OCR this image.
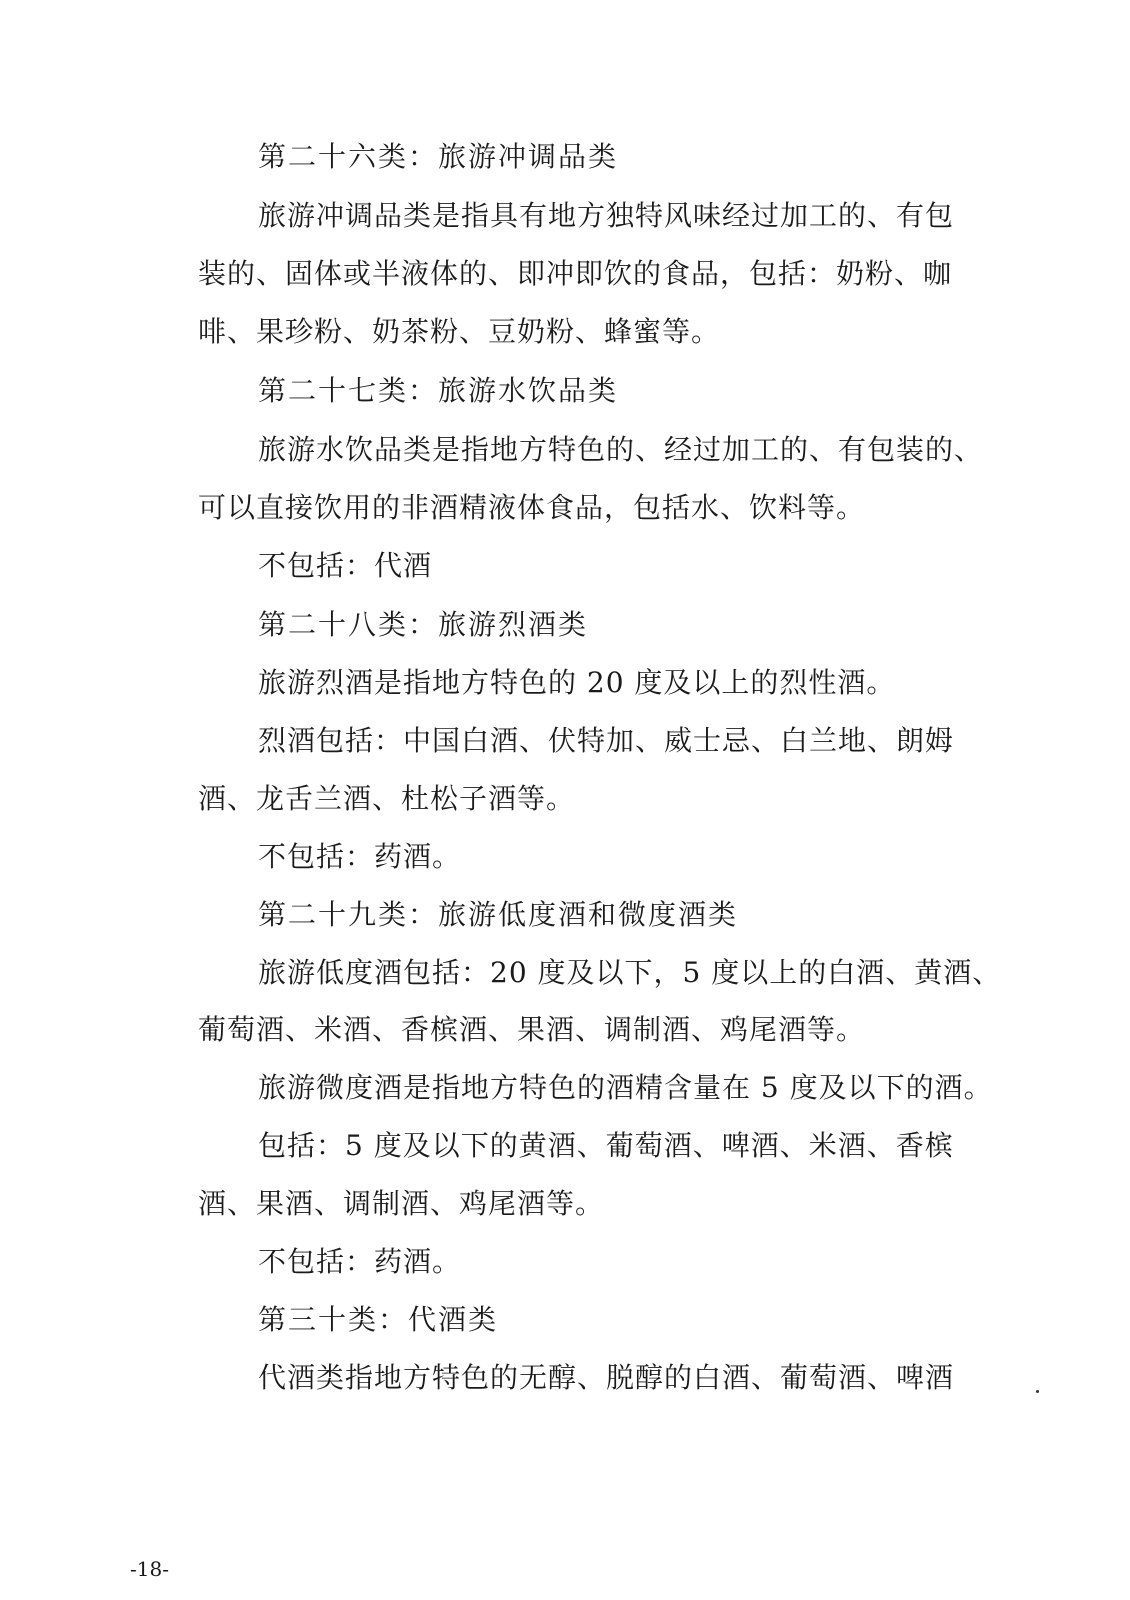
第二十六类：旅游冲调品类
旅游冲调品类是指具有地方独特风味经过加工的、有包
装的、固体或半液体的、即冲即饮的食品，包括：奶粉、咖
啡、果珍粉、奶茶粉、豆奶粉、蜂蜜等。
第二十七类：旅游水饮品类
旅游水饮品类是指地方特色的、经过加工的、有包装的、
可以直接饮用的非酒精液体食品，包括水、饮料等。
不包括：代酒
第二十八类：旅游烈酒类
旅游烈酒是指地方特色的 20 度及以上的烈性酒。
烈酒包括：中国白酒、伏特加、威士忌、白兰地、朗姆
酒、龙舌兰酒、杜松子酒等。
不包括：药酒。
第二十九类：旅游低度酒和微度酒类
旅游低度酒包括：20 度及以下，5 度以上的白酒、黄酒、
葡萄酒、米酒、香槟酒、果酒、调制酒、鸡尾酒等。
旅游微度酒是指地方特色的酒精含量在 5 度及以下的酒。
包括：5 度及以下的黄酒、葡萄酒、啤酒、米酒、香槟
酒、果酒、调制酒、鸡尾酒等。
不包括：药酒。
第三十类：代酒类
代酒类指地方特色的无醇、脱醇的白酒、葡萄酒、啤酒
-18-
